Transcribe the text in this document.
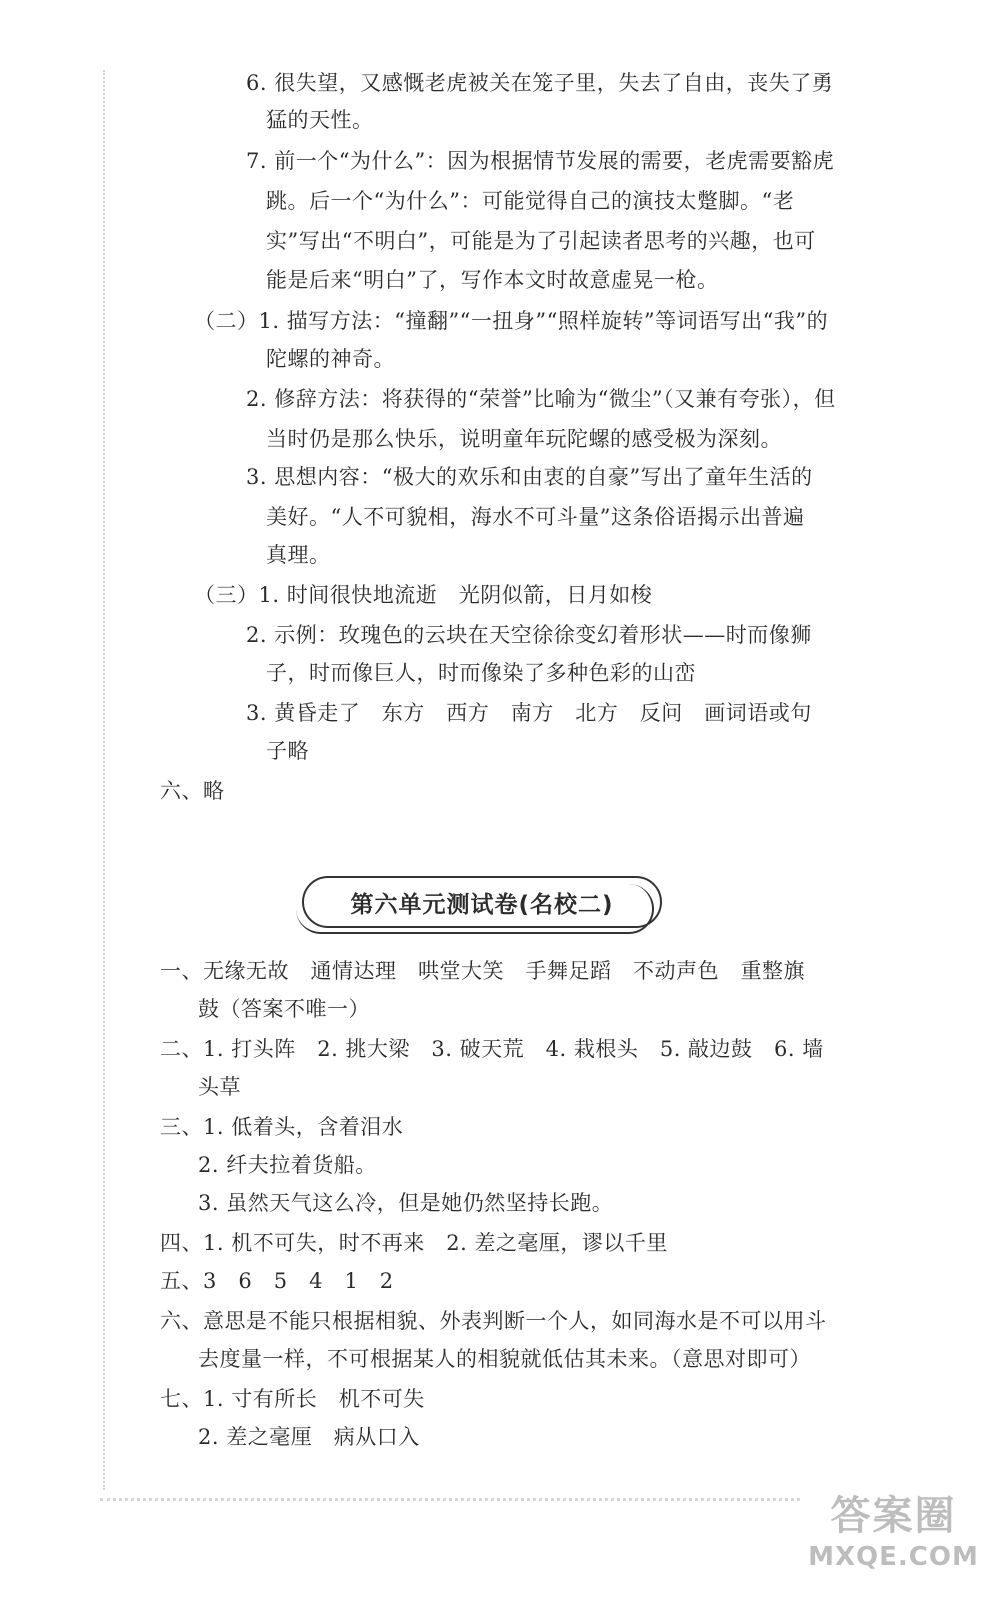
6. 很失望，又感慨老虎被关在笼子里，失去了自由，丧失了勇
猛的天性。
7. 前一个“为什么”：因为根据情节发展的需要，老虎需要豁虎
跳。后一个“为什么”：可能觉得自己的演技太蹩脚。“老
实”写出“不明白”，可能是为了引起读者思考的兴趣，也可
能是后来“明白”了，写作本文时故意虚晃一枪。
（二）1. 描写方法：“撞翻”“一扭身”“照样旋转”等词语写出“我”的
陀螺的神奇。
2. 修辞方法：将获得的“荣誉”比喻为“微尘”（又兼有夸张），但
当时仍是那么快乐，说明童年玩陀螺的感受极为深刻。
3. 思想内容：“极大的欢乐和由衷的自豪”写出了童年生活的
美好。“人不可貌相，海水不可斗量”这条俗语揭示出普遍
真理。
（三）1. 时间很快地流逝　光阴似箭，日月如梭
2. 示例：玫瑰色的云块在天空徐徐变幻着形状——时而像狮
子，时而像巨人，时而像染了多种色彩的山峦
3. 黄昏走了　东方　西方　南方　北方　反问　画词语或句
子略
六、略
第六单元测试卷(名校二)
一、无缘无故　通情达理　哄堂大笑　手舞足蹈　不动声色　重整旗
鼓（答案不唯一）
二、1. 打头阵　2. 挑大梁　3. 破天荒　4. 栽根头　5. 敲边鼓　6. 墙
头草
三、1. 低着头，含着泪水
2. 纤夫拉着货船。
3. 虽然天气这么冷，但是她仍然坚持长跑。
四、1. 机不可失，时不再来　2. 差之毫厘，谬以千里
五、3　6　5　4　1　2
六、意思是不能只根据相貌、外表判断一个人，如同海水是不可以用斗
去度量一样，不可根据某人的相貌就低估其未来。（意思对即可）
七、1. 寸有所长　机不可失
2. 差之毫厘　病从口入
答案圈
MXQE.COM
